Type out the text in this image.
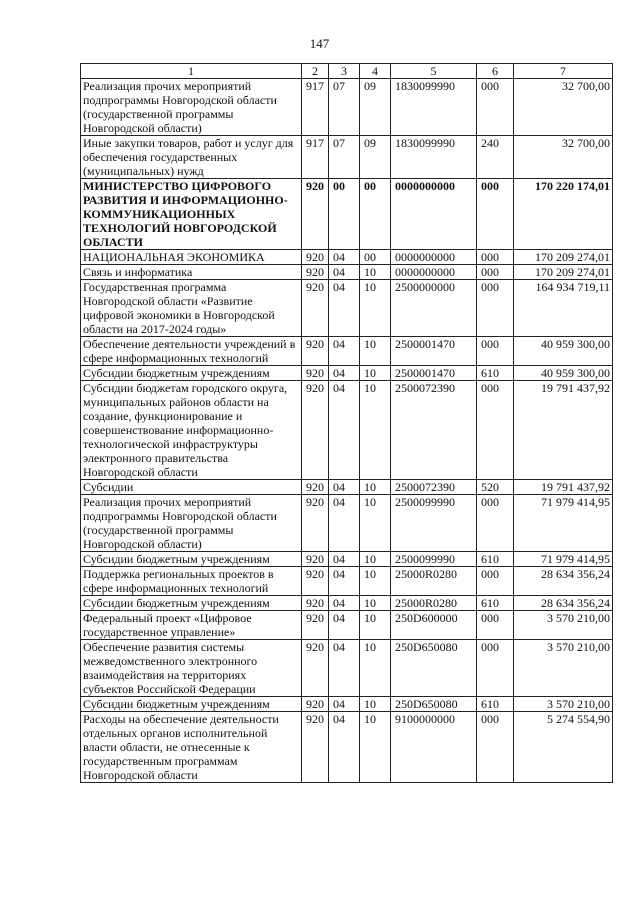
147
1	2	3	4	5	6	7
Реализация прочих мероприятий подпрограммы Новгородской области (государственной программы Новгородской области)	917	07	09	1830099990	000	32 700,00
Иные закупки товаров, работ и услуг для обеспечения государственных (муниципальных) нужд	917	07	09	1830099990	240	32 700,00
МИНИСТЕРСТВО ЦИФРОВОГО РАЗВИТИЯ И ИНФОРМАЦИОННО-КОММУНИКАЦИОННЫХ ТЕХНОЛОГИЙ НОВГОРОДСКОЙ ОБЛАСТИ	920	00	00	0000000000	000	170 220 174,01
НАЦИОНАЛЬНАЯ ЭКОНОМИКА	920	04	00	0000000000	000	170 209 274,01
Связь и информатика	920	04	10	0000000000	000	170 209 274,01
Государственная программа Новгородской области «Развитие цифровой экономики в Новгородской области на 2017-2024 годы»	920	04	10	2500000000	000	164 934 719,11
Обеспечение деятельности учреждений в сфере информационных технологий	920	04	10	2500001470	000	40 959 300,00
Субсидии бюджетным учреждениям	920	04	10	2500001470	610	40 959 300,00
Субсидии бюджетам городского округа, муниципальных районов области на создание, функционирование и совершенствование информационно-технологической инфраструктуры электронного правительства Новгородской области	920	04	10	2500072390	000	19 791 437,92
Субсидии	920	04	10	2500072390	520	19 791 437,92
Реализация прочих мероприятий подпрограммы Новгородской области (государственной программы Новгородской области)	920	04	10	2500099990	000	71 979 414,95
Субсидии бюджетным учреждениям	920	04	10	2500099990	610	71 979 414,95
Поддержка региональных проектов в сфере информационных технологий	920	04	10	25000R0280	000	28 634 356,24
Субсидии бюджетным учреждениям	920	04	10	25000R0280	610	28 634 356,24
Федеральный проект «Цифровое государственное управление»	920	04	10	250D600000	000	3 570 210,00
Обеспечение развития системы межведомственного электронного взаимодействия на территориях субъектов Российской Федерации	920	04	10	250D650080	000	3 570 210,00
Субсидии бюджетным учреждениям	920	04	10	250D650080	610	3 570 210,00
Расходы на обеспечение деятельности отдельных органов исполнительной власти области, не отнесенные к государственным программам Новгородской области	920	04	10	9100000000	000	5 274 554,90
